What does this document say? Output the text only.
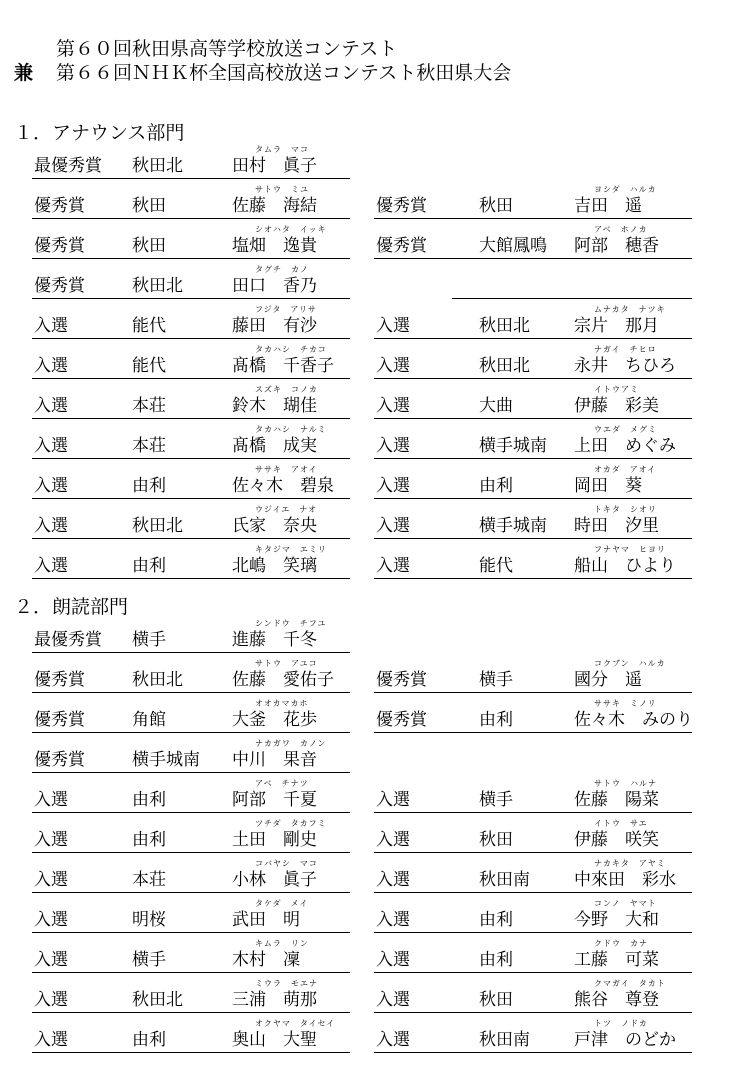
第６０回秋田県高等学校放送コンテスト
兼 第６６回ＮＨＫ杯全国高校放送コンテスト秋田県大会
１．アナウンス部門
最優秀賞 秋田北	田村　眞子
タムラ　マコ
優秀賞	秋田	佐藤　海結
サトウ　ミユ
優秀賞	秋田	吉田　遥
ヨシダ　ハルカ
優秀賞	秋田	塩畑　逸貴
シオハタ　イッキ
優秀賞	大館鳳鳴 阿部　穂香
アベ　ホノカ
優秀賞	秋田北	田口　香乃
タグチ　カノ
入選	能代	藤田　有沙
フジタ　アリサ
入選	秋田北	宗片　那月
ムナカタ　ナツキ
入選	能代	髙橋　千香子
タカハシ　チカコ
入選	秋田北	永井　ちひろ
ナガイ　チヒロ
入選	本荘	鈴木　瑚佳
スズキ　コノカ
入選	大曲	伊藤　彩美
イトウアミ
入選	本荘	髙橋　成実
タカハシ　ナルミ
入選	横手城南 上田　めぐみ
ウエダ　メグミ
入選	由利	佐々木　碧泉
ササキ　アオイ
入選	由利	岡田　葵
オカダ　アオイ
入選	秋田北	氏家　奈央
ウジイエ　ナオ
入選	横手城南 時田　汐里
トキタ　シオリ
入選	由利	北嶋　笑璃
キタジマ　エミリ
入選	能代	船山　ひより
フナヤマ　ヒヨリ
２．朗読部門
最優秀賞 横手	進藤　千冬
シンドウ　チフユ
優秀賞	秋田北	佐藤　愛佑子
サトウ　アユコ
優秀賞	横手	國分　遥
コクブン　ハルカ
優秀賞	角館	大釜　花歩
オオカマカホ
優秀賞	由利	佐々木　みのり
ササキ　ミノリ
優秀賞	横手城南 中川　果音
ナカガワ　カノン
入選	由利	阿部　千夏
アベ　チナツ
入選	横手	佐藤　陽菜
サトウ　ハルナ
入選	由利	土田　剛史
ツチダ　タカフミ
入選	秋田	伊藤　咲笑
イトウ　サエ
入選	本荘	小林　眞子
コバヤシ　マコ
入選	秋田南	中來田　彩水
ナカキタ　アヤミ
入選	明桜	武田　明
タケダ　メイ
入選	由利	今野　大和
コンノ　ヤマト
入選	横手	木村　凜
キムラ　リン
入選	由利	工藤　可菜
クドウ　カナ
入選	秋田北	三浦　萌那
ミウラ　モエナ
入選	秋田	熊谷　尊登
クマガイ　タカト
入選	由利	奥山　大聖
オクヤマ　タイセイ
入選	秋田南	戸津　のどか
トツ　ノドカ
